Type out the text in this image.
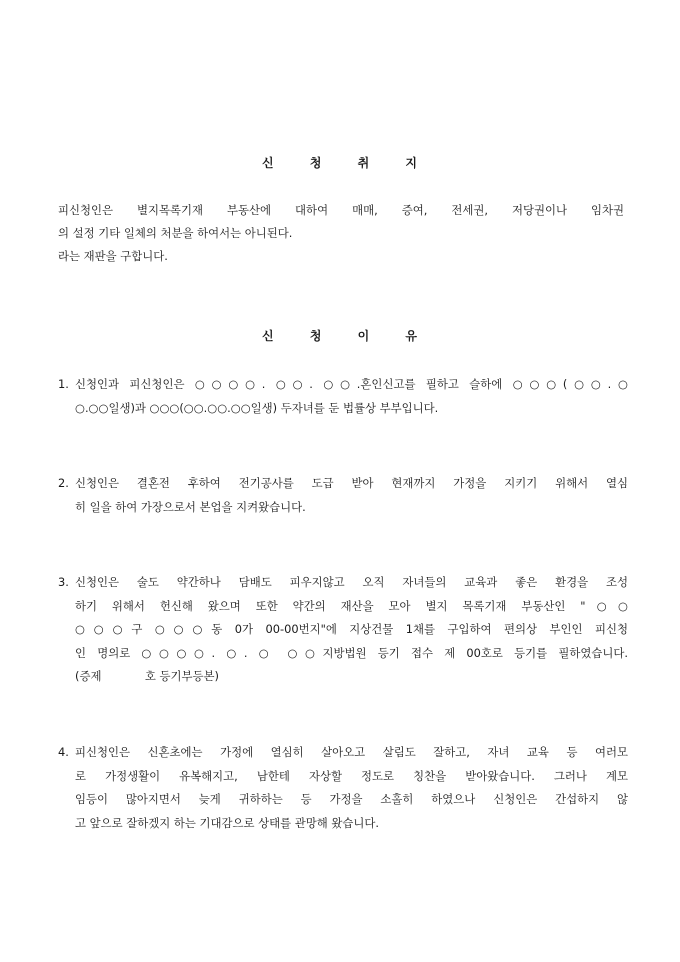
신 청 취 지
피신청인은 별지목록기재 부동산에 대하여 매매, 증여, 전세권, 저당권이나 임차권
의 설정 기타 일체의 처분을 하여서는 아니된다.
라는 재판을 구합니다.
신 청 이 유
1. 신청인과 피신청인은 ○○○○. ○○. ○○.혼인신고를 필하고 슬하에 ○○○(○○.○
○.○○일생)과 ○○○(○○.○○.○○일생) 두자녀를 둔 법률상 부부입니다.
2. 신청인은 결혼전 후하여 전기공사를 도급 받아 현재까지 가정을 지키기 위해서 열심
히 일을 하여 가장으로서 본업을 지켜왔습니다.
3. 신청인은 술도 약간하나 담배도 피우지않고 오직 자녀들의 교육과 좋은 환경을 조성
하기 위해서 헌신해 왔으며 또한 약간의 재산을 모아 별지 목록기재 부동산인 "○○
○○○구 ○○○동 0가 00-00번지"에 지상건물 1채를 구입하여 편의상 부인인 피신청
인 명의로 ○○○○. ○. ○ ○○지방법원 등기 접수 제 00호로 등기를 필하였습니다.
(증제            호 등기부등본)
4. 피신청인은 신혼초에는 가정에 열심히 살아오고 살림도 잘하고, 자녀 교육 등 여러모
로 가정생활이 유복해지고, 남한테 자상할 정도로 칭찬을 받아왔습니다. 그러나 계모
임등이 많아지면서 늦게 귀하하는 등 가정을 소홀히 하였으나 신청인은 간섭하지 않
고 앞으로 잘하겠지 하는 기대감으로 상태를 관망해 왔습니다.
